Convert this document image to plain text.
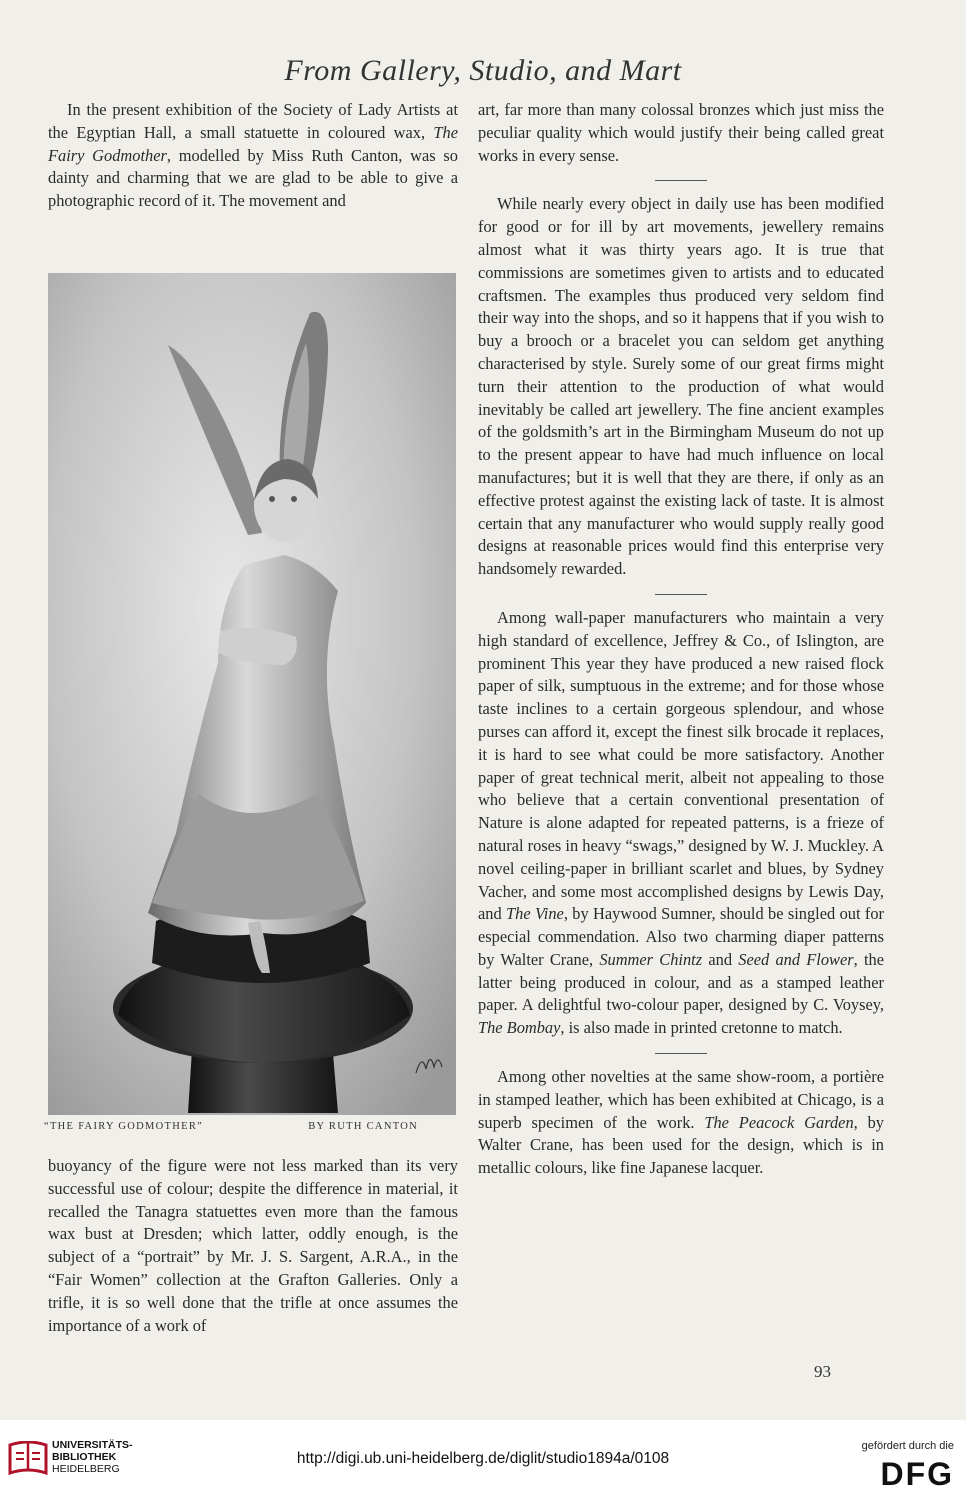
From Gallery, Studio, and Mart

In the present exhibition of the Society of Lady Artists at the Egyptian Hall, a small statuette in coloured wax, The Fairy Godmother, modelled by Miss Ruth Canton, was so dainty and charming that we are glad to be able to give a photographic record of it. The movement and

“THE FAIRY GODMOTHER”	BY RUTH CANTON

buoyancy of the figure were not less marked than its very successful use of colour; despite the difference in material, it recalled the Tanagra statuettes even more than the famous wax bust at Dresden; which latter, oddly enough, is the subject of a “portrait” by Mr. J. S. Sargent, A.R.A., in the “Fair Women” collection at the Grafton Galleries. Only a trifle, it is so well done that the trifle at once assumes the importance of a work of

art, far more than many colossal bronzes which just miss the peculiar quality which would justify their being called great works in every sense.

While nearly every object in daily use has been modified for good or for ill by art movements, jewellery remains almost what it was thirty years ago. It is true that commissions are sometimes given to artists and to educated craftsmen. The examples thus produced very seldom find their way into the shops, and so it happens that if you wish to buy a brooch or a bracelet you can seldom get anything characterised by style. Surely some of our great firms might turn their attention to the production of what would inevitably be called art jewellery. The fine ancient examples of the goldsmith’s art in the Birmingham Museum do not up to the present appear to have had much influence on local manufactures; but it is well that they are there, if only as an effective protest against the existing lack of taste. It is almost certain that any manufacturer who would supply really good designs at reasonable prices would find this enterprise very handsomely rewarded.

Among wall-paper manufacturers who maintain a very high standard of excellence, Jeffrey & Co., of Islington, are prominent This year they have produced a new raised flock paper of silk, sumptuous in the extreme; and for those whose taste inclines to a certain gorgeous splendour, and whose purses can afford it, except the finest silk brocade it replaces, it is hard to see what could be more satisfactory. Another paper of great technical merit, albeit not appealing to those who believe that a certain conventional presentation of Nature is alone adapted for repeated patterns, is a frieze of natural roses in heavy “swags,” designed by W. J. Muckley. A novel ceiling-paper in brilliant scarlet and blues, by Sydney Vacher, and some most accomplished designs by Lewis Day, and The Vine, by Haywood Sumner, should be singled out for especial commendation. Also two charming diaper patterns by Walter Crane, Summer Chintz and Seed and Flower, the latter being produced in colour, and as a stamped leather paper. A delightful two-colour paper, designed by C. Voysey, The Bombay, is also made in printed cretonne to match.

Among other novelties at the same show-room, a portière in stamped leather, which has been exhibited at Chicago, is a superb specimen of the work. The Peacock Garden, by Walter Crane, has been used for the design, which is in metallic colours, like fine Japanese lacquer.

93
UNIVERSITÄTS-
BIBLIOTHEK
HEIDELBERG
http://digi.ub.uni-heidelberg.de/diglit/studio1894a/0108
gefördert durch die
DFG
